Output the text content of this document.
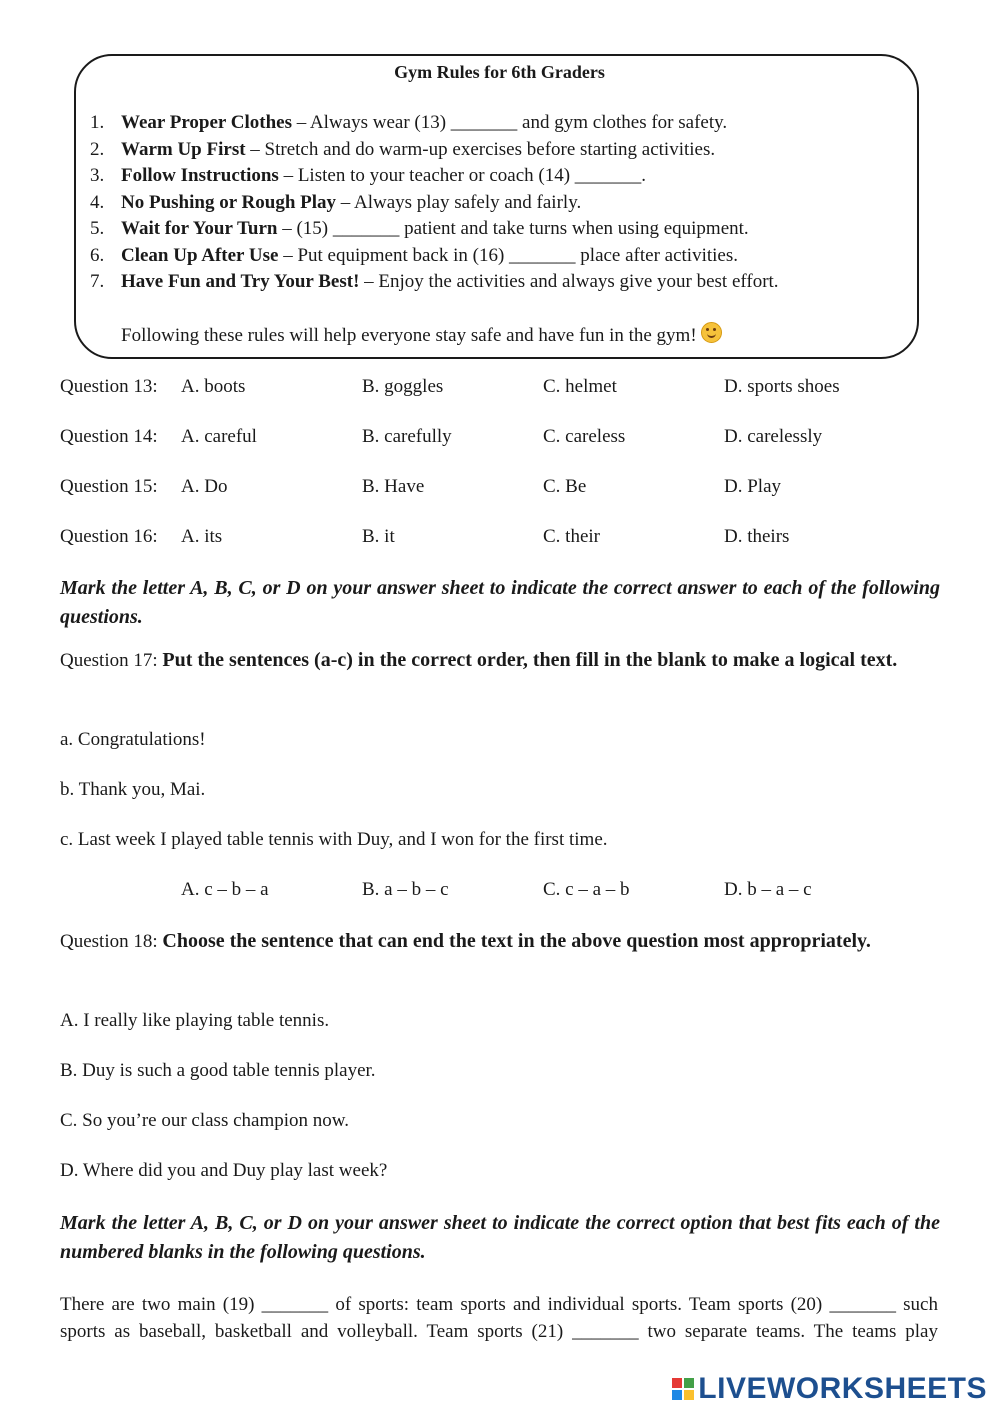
Gym Rules for 6th Graders
1. Wear Proper Clothes – Always wear (13) _______ and gym clothes for safety.
2. Warm Up First – Stretch and do warm-up exercises before starting activities.
3. Follow Instructions – Listen to your teacher or coach (14) _______.
4. No Pushing or Rough Play – Always play safely and fairly.
5. Wait for Your Turn – (15) _______ patient and take turns when using equipment.
6. Clean Up After Use – Put equipment back in (16) _______ place after activities.
7. Have Fun and Try Your Best! – Enjoy the activities and always give your best effort.
Following these rules will help everyone stay safe and have fun in the gym!
Question 13: A. boots	B. goggles	C. helmet	D. sports shoes
Question 14: A. careful	B. carefully	C. careless	D. carelessly
Question 15: A. Do	B. Have	C. Be	D. Play
Question 16: A. its	B. it	C. their	D. theirs
Mark the letter A, B, C, or D on your answer sheet to indicate the correct answer to each of the following questions.
Question 17: Put the sentences (a-c) in the correct order, then fill in the blank to make a logical text.
a. Congratulations!
b. Thank you, Mai.
c. Last week I played table tennis with Duy, and I won for the first time.
A. c – b – a	B. a – b – c	C. c – a – b	D. b – a – c
Question 18: Choose the sentence that can end the text in the above question most appropriately.
A. I really like playing table tennis.
B. Duy is such a good table tennis player.
C. So you’re our class champion now.
D. Where did you and Duy play last week?
Mark the letter A, B, C, or D on your answer sheet to indicate the correct option that best fits each of the numbered blanks in the following questions.
There are two main (19) _______ of sports: team sports and individual sports. Team sports (20) _______ such
sports as baseball, basketball and volleyball. Team sports (21) _______ two separate teams. The teams play
LIVEWORKSHEETS
